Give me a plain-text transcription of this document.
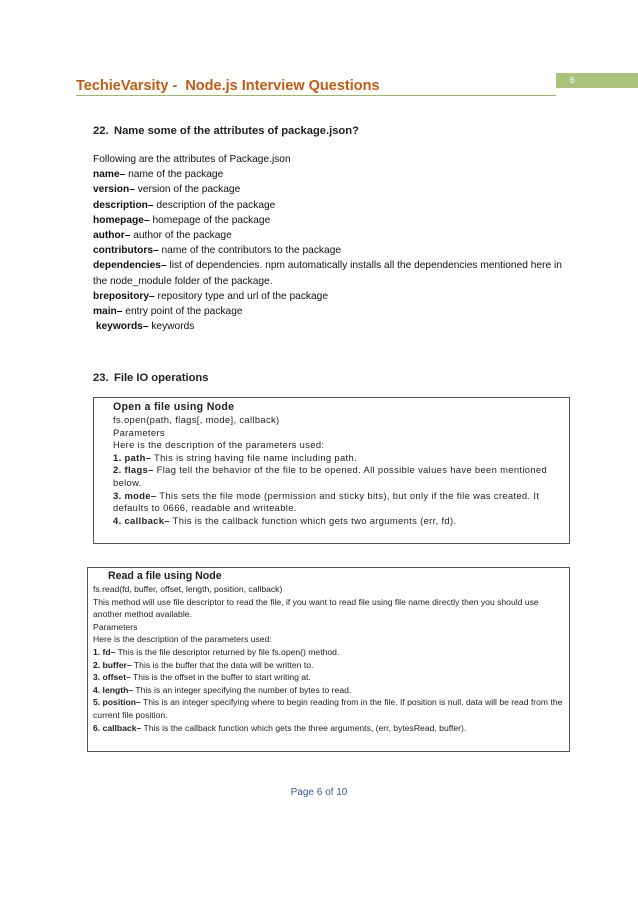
TechieVarsity -  Node.js Interview Questions	6
22. Name some of the attributes of package.json?
Following are the attributes of Package.json
name– name of the package
version– version of the package
description– description of the package
homepage– homepage of the package
author– author of the package
contributors– name of the contributors to the package
dependencies– list of dependencies. npm automatically installs all the dependencies mentioned here in the node_module folder of the package.
brepository– repository type and url of the package
main– entry point of the package
keywords– keywords
23. File IO operations
Open a file using Node
fs.open(path, flags[, mode], callback)
Parameters
Here is the description of the parameters used:
1. path– This is string having file name including path.
2. flags– Flag tell the behavior of the file to be opened. All possible values have been mentioned below.
3. mode– This sets the file mode (permission and sticky bits), but only if the file was created. It defaults to 0666, readable and writeable.
4. callback– This is the callback function which gets two arguments (err, fd).
Read a file using Node
fs.read(fd, buffer, offset, length, position, callback)
This method will use file descriptor to read the file, if you want to read file using file name directly then you should use another method available.
Parameters
Here is the description of the parameters used:
1. fd– This is the file descriptor returned by file fs.open() method.
2. buffer– This is the buffer that the data will be written to.
3. offset– This is the offset in the buffer to start writing at.
4. length– This is an integer specifying the number of bytes to read.
5. position– This is an integer specifying where to begin reading from in the file. If position is null, data will be read from the current file position.
6. callback– This is the callback function which gets the three arguments, (err, bytesRead, buffer).
Page 6 of 10
